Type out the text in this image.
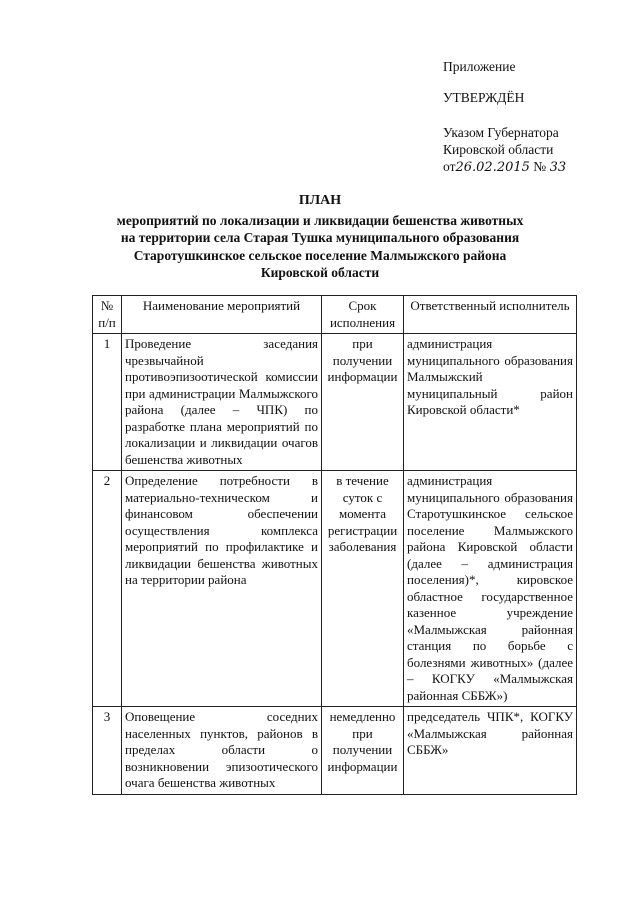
Приложение
УТВЕРЖДЁН
Указом Губернатора
Кировской области
от26.02.2015 № 33
ПЛАН
мероприятий по локализации и ликвидации бешенства животных
на территории села Старая Тушка муниципального образования
Старотушкинское сельское поселение Малмыжского района
Кировской области
№ п/п	Наименование мероприятий	Срок исполнения	Ответственный исполнитель
1	Проведение заседания чрезвычайной противоэпизоотической комиссии при администрации Малмыжского района (далее – ЧПК) по разработке плана мероприятий по локализации и ликвидации очагов бешенства животных	при получении информации	администрация муниципального образования Малмыжский муниципальный район Кировской области*
2	Определение потребности в материально-техническом и финансовом обеспечении осуществления комплекса мероприятий по профилактике и ликвидации бешенства животных на территории района	в течение суток с момента регистрации заболевания	администрация муниципального образования Старотушкинское сельское поселение Малмыжского района Кировской области (далее – администрация поселения)*, кировское областное государственное казенное учреждение «Малмыжская районная станция по борьбе с болезнями животных» (далее – КОГКУ «Малмыжская районная СББЖ»)
3	Оповещение соседних населенных пунктов, районов в пределах области о возникновении эпизоотического очага бешенства животных	немедленно при получении информации	председатель ЧПК*, КОГКУ «Малмыжская районная СББЖ»
